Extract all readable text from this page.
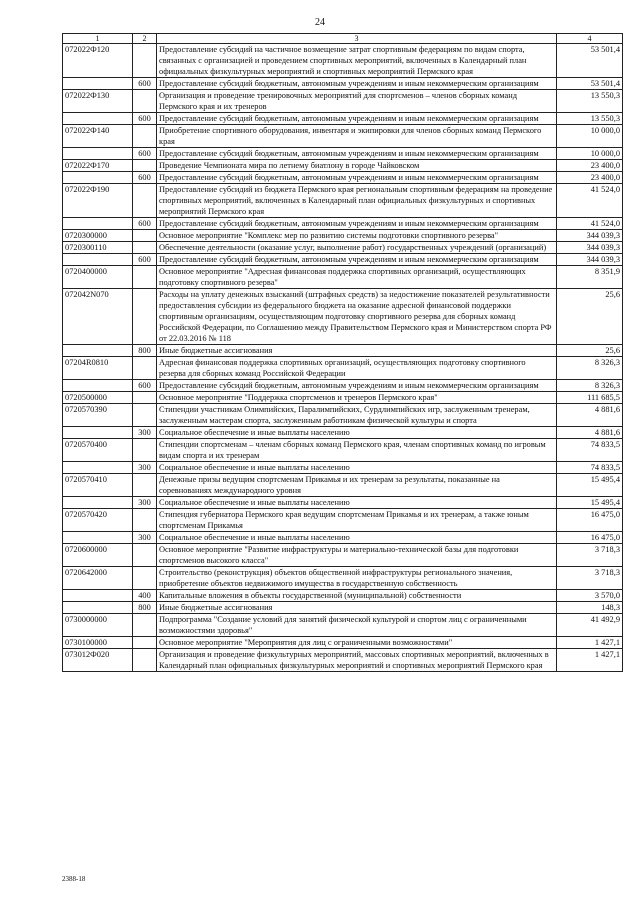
24
1	2	3	4
072022Ф120		Предоставление субсидий на частичное возмещение затрат спортивным федерациям по видам спорта, связанных с организацией и проведением спортивных мероприятий, включенных в Календарный план официальных физкультурных мероприятий и спортивных мероприятий Пермского края	53 501,4
	600	Предоставление субсидий бюджетным, автономным учреждениям и иным некоммерческим организациям	53 501,4
072022Ф130		Организация и проведение тренировочных мероприятий для спортсменов – членов сборных команд Пермского края и их тренеров	13 550,3
	600	Предоставление субсидий бюджетным, автономным учреждениям и иным некоммерческим организациям	13 550,3
072022Ф140		Приобретение спортивного оборудования, инвентаря и экипировки для членов сборных команд Пермского края	10 000,0
	600	Предоставление субсидий бюджетным, автономным учреждениям и иным некоммерческим организациям	10 000,0
072022Ф170		Проведение Чемпионата мира по летнему биатлону в городе Чайковском	23 400,0
	600	Предоставление субсидий бюджетным, автономным учреждениям и иным некоммерческим организациям	23 400,0
072022Ф190		Предоставление субсидий из бюджета Пермского края региональным спортивным федерациям на проведение спортивных мероприятий, включенных в Календарный план официальных физкультурных и спортивных мероприятий Пермского края	41 524,0
	600	Предоставление субсидий бюджетным, автономным учреждениям и иным некоммерческим организациям	41 524,0
0720300000		Основное мероприятие "Комплекс мер по развитию системы подготовки спортивного резерва"	344 039,3
0720300110		Обеспечение деятельности (оказание услуг, выполнение работ) государственных учреждений (организаций)	344 039,3
	600	Предоставление субсидий бюджетным, автономным учреждениям и иным некоммерческим организациям	344 039,3
0720400000		Основное мероприятие "Адресная финансовая поддержка спортивных организаций, осуществляющих подготовку спортивного резерва"	8 351,9
072042N070		Расходы на уплату денежных взысканий (штрафных средств) за недостижение показателей результативности предоставления субсидии из федерального бюджета на оказание адресной финансовой поддержки спортивным организациям, осуществляющим подготовку спортивного резерва для сборных команд Российской Федерации, по Соглашению между Правительством Пермского края и Министерством спорта РФ от 22.03.2016 № 118	25,6
	800	Иные бюджетные ассигнования	25,6
07204R0810		Адресная финансовая поддержка спортивных организаций, осуществляющих подготовку спортивного резерва для сборных команд Российской Федерации	8 326,3
	600	Предоставление субсидий бюджетным, автономным учреждениям и иным некоммерческим организациям	8 326,3
0720500000		Основное мероприятие "Поддержка спортсменов и тренеров Пермского края"	111 685,5
0720570390		Стипендии участникам Олимпийских, Паралимпийских, Сурдлимпийских игр, заслуженным тренерам, заслуженным мастерам спорта, заслуженным работникам физической культуры и спорта	4 881,6
	300	Социальное обеспечение и иные выплаты населению	4 881,6
0720570400		Стипендии спортсменам – членам сборных команд Пермского края, членам спортивных команд по игровым видам спорта и их тренерам	74 833,5
	300	Социальное обеспечение и иные выплаты населению	74 833,5
0720570410		Денежные призы ведущим спортсменам Прикамья и их тренерам за результаты, показанные на соревнованиях международного уровня	15 495,4
	300	Социальное обеспечение и иные выплаты населению	15 495,4
0720570420		Стипендия губернатора Пермского края ведущим спортсменам Прикамья и их тренерам, а также юным спортсменам Прикамья	16 475,0
	300	Социальное обеспечение и иные выплаты населению	16 475,0
0720600000		Основное мероприятие "Развитие инфраструктуры и материально-технической базы для подготовки спортсменов высокого класса"	3 718,3
0720642000		Строительство (реконструкция) объектов общественной инфраструктуры регионального значения, приобретение объектов недвижимого имущества в государственную собственность	3 718,3
	400	Капитальные вложения в объекты государственной (муниципальной) собственности	3 570,0
	800	Иные бюджетные ассигнования	148,3
0730000000		Подпрограмма "Создание условий для занятий физической культурой и спортом лиц с ограниченными возможностями здоровья"	41 492,9
0730100000		Основное мероприятие "Мероприятия для лиц с ограниченными возможностями"	1 427,1
073012Ф020		Организация и проведение физкультурных мероприятий, массовых спортивных мероприятий, включенных в Календарный план официальных физкультурных мероприятий и спортивных мероприятий Пермского края	1 427,1
2388-18
